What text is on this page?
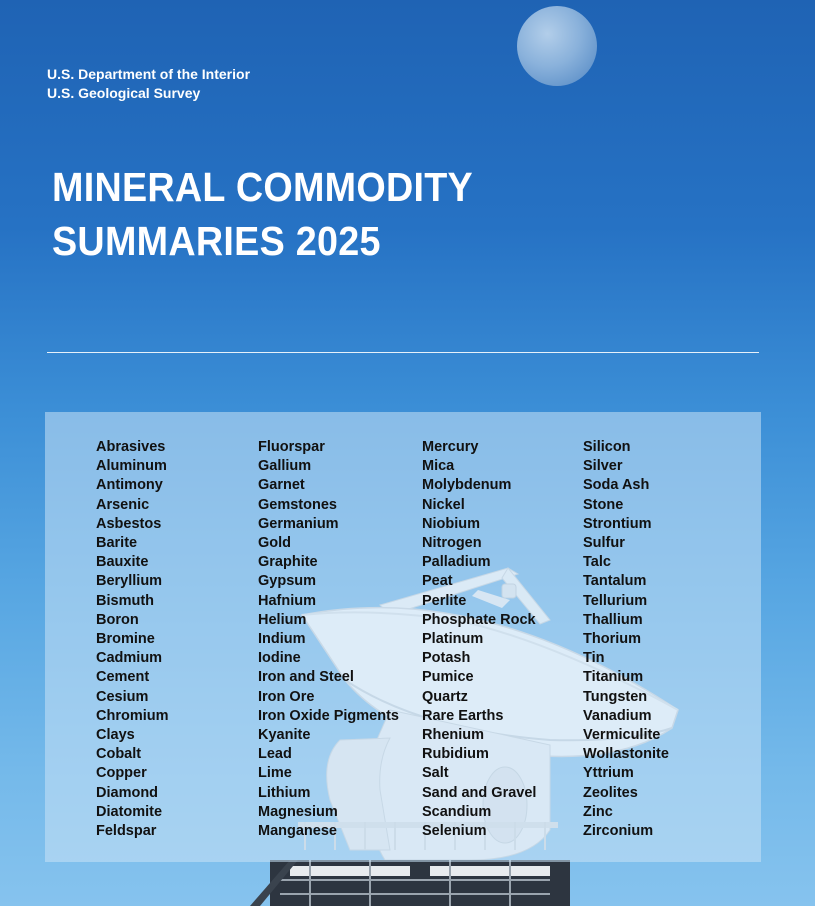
U.S. Department of the Interior
U.S. Geological Survey
MINERAL COMMODITY
SUMMARIES 2025
Abrasives
Aluminum
Antimony
Arsenic
Asbestos
Barite
Bauxite
Beryllium
Bismuth
Boron
Bromine
Cadmium
Cement
Cesium
Chromium
Clays
Cobalt
Copper
Diamond
Diatomite
Feldspar
Fluorspar
Gallium
Garnet
Gemstones
Germanium
Gold
Graphite
Gypsum
Hafnium
Helium
Indium
Iodine
Iron and Steel
Iron Ore
Iron Oxide Pigments
Kyanite
Lead
Lime
Lithium
Magnesium
Manganese
Mercury
Mica
Molybdenum
Nickel
Niobium
Nitrogen
Palladium
Peat
Perlite
Phosphate Rock
Platinum
Potash
Pumice
Quartz
Rare Earths
Rhenium
Rubidium
Salt
Sand and Gravel
Scandium
Selenium
Silicon
Silver
Soda Ash
Stone
Strontium
Sulfur
Talc
Tantalum
Tellurium
Thallium
Thorium
Tin
Titanium
Tungsten
Vanadium
Vermiculite
Wollastonite
Yttrium
Zeolites
Zinc
Zirconium
